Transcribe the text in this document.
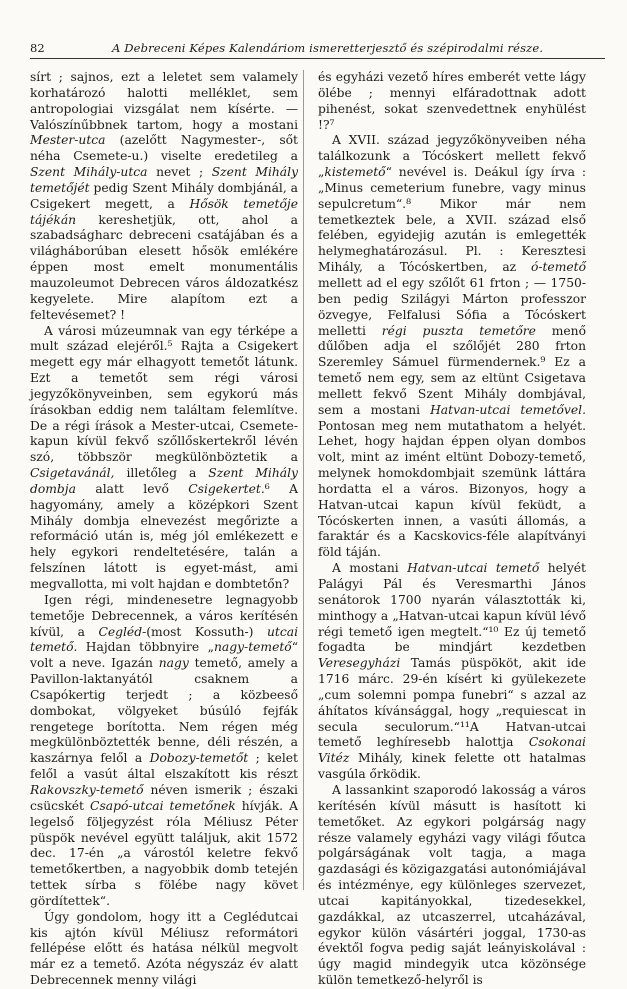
82	A Debreceni Képes Kalendáriom ismeretterjesztő és szépirodalmi része.

sírt ; sajnos, ezt a leletet sem valamely korhatározó halotti melléklet, sem antropologiai vizsgálat nem kísérte. — Valószínűbbnek tartom, hogy a mostani Mester-utca (azelőtt Nagymester-, sőt néha Csemete-u.) viselte eredetileg a Szent Mihály-utca nevet ; Szent Mihály temetőjét pedig Szent Mihály dombjánál, a Csigekert megett, a Hősök temetője tájékán kereshetjük, ott, ahol a szabadságharc debreceni csatájában és a világháborúban elesett hősök emlékére éppen most emelt monumentális mauzoleumot Debrecen város áldozatkész kegyelete. Mire alapítom ezt a feltevésemet? !

A városi múzeumnak van egy térképe a mult század elejéről.⁵ Rajta a Csigekert megett egy már elhagyott temetőt látunk. Ezt a temetőt sem régi városi jegyzőkönyveinben, sem egykorú más írásokban eddig nem találtam felemlítve. De a régi írások a Mester-utcai, Csemete-kapun kívül fekvő szőllőskertekről lévén szó, többször megkülönböztetik a Csigetavánál, illetőleg a Szent Mihály dombja alatt levő Csigekertet.⁶ A hagyomány, amely a középkori Szent Mihály dombja elnevezést megőrizte a reformáció után is, még jól emlékezett e hely egykori rendeltetésére, talán a felszínen látott is egyet-mást, ami megvallotta, mi volt hajdan e dombtetőn?

Igen régi, mindenesetre legnagyobb temetője Debrecennek, a város kerítésén kívül, a Cegléd-(most Kossuth-) utcai temető. Hajdan többnyire „nagy-temető“ volt a neve. Igazán nagy temető, amely a Pavillon-laktanyától csaknem a Csapókertig terjedt ; a közbeeső dombokat, völgyeket búsúló fejfák rengetege borította. Nem régen még megkülönböztették benne, déli részén, a kaszárnya felől a Dobozy-temetőt ; kelet felől a vasút által elszakított kis részt Rakovszky-temető néven ismerik ; északi csücskét Csapó-utcai temetőnek hívják. A legelső följegyzést róla Méliusz Péter püspök nevével együtt találjuk, akit 1572 dec. 17-én „a várostól keletre fekvő temetőkertben, a nagyobbik domb tetején tettek sírba s fölébe nagy követ gördítettek“.

Úgy gondolom, hogy itt a Ceglédutcai kis ajtón kívül Méliusz reformátori fellépése előtt és hatása nélkül megvolt már ez a temető. Azóta négyszáz év alatt Debrecennek menny világi

és egyházi vezető híres emberét vette lágy ölébe ; mennyi elfáradottnak adott pihenést, sokat szenvedettnek enyhülést !?⁷

A XVII. század jegyzőkönyveiben néha találkozunk a Tócóskert mellett fekvő „kistemető“ nevével is. Deákul így írva : „Minus cemeterium funebre, vagy minus sepulcretum“.⁸ Mikor már nem temetkeztek bele, a XVII. század első felében, egyidejig azután is emlegették helymeghatározásul. Pl. : Keresztesi Mihály, a Tócóskertben, az ó-temető mellett ad el egy szőlőt 61 frton ; — 1750-ben pedig Szilágyi Márton professzor özvegye, Felfalusi Sófia a Tócóskert melletti régi puszta temetőre menő dűlőben adja el szőlőjét 280 frton Szeremley Sámuel fürmendernek.⁹ Ez a temető nem egy, sem az eltünt Csigetava mellett fekvő Szent Mihály dombjával, sem a mostani Hatvan-utcai temetővel. Pontosan meg nem mutathatom a helyét. Lehet, hogy hajdan éppen olyan dombos volt, mint az imént eltünt Dobozy-temető, melynek homokdombjait szemünk láttára hordatta el a város. Bizonyos, hogy a Hatvan-utcai kapun kívül feküdt, a Tócóskerten innen, a vasúti állomás, a faraktár és a Kacskovics-féle alapítványi föld táján.

A mostani Hatvan-utcai temető helyét Palágyi Pál és Veresmarthi János senátorok 1700 nyarán választották ki, minthogy a „Hatvan-utcai kapun kívül lévő régi temető igen megtelt.“¹⁰ Ez új temető fogadta be mindjárt kezdetben Veresegyházi Tamás püspököt, akit ide 1716 márc. 29-én kísért ki gyülekezete „cum solemni pompa funebri“ s azzal az áhítatos kívánsággal, hogy „requiescat in secula seculorum.“¹¹A Hatvan-utcai temető leghíresebb halottja Csokonai Vitéz Mihály, kinek felette ott hatalmas vasgúla őrködik.

A lassankint szaporodó lakosság a város kerítésén kívül másutt is hasított ki temetőket. Az egykori polgárság nagy része valamely egyházi vagy világi főutca polgárságának volt tagja, a maga gazdasági és közigazgatási autonómiájával és intézménye, egy különleges szervezet, utcai kapitányokkal, tizedesekkel, gazdákkal, az utcaszerrel, utcaházával, egykor külön vásártéri joggal, 1730-as évektől fogva pedig saját leányiskolával : úgy magid mindegyik utca közönsége külön temetkező-helyről is
